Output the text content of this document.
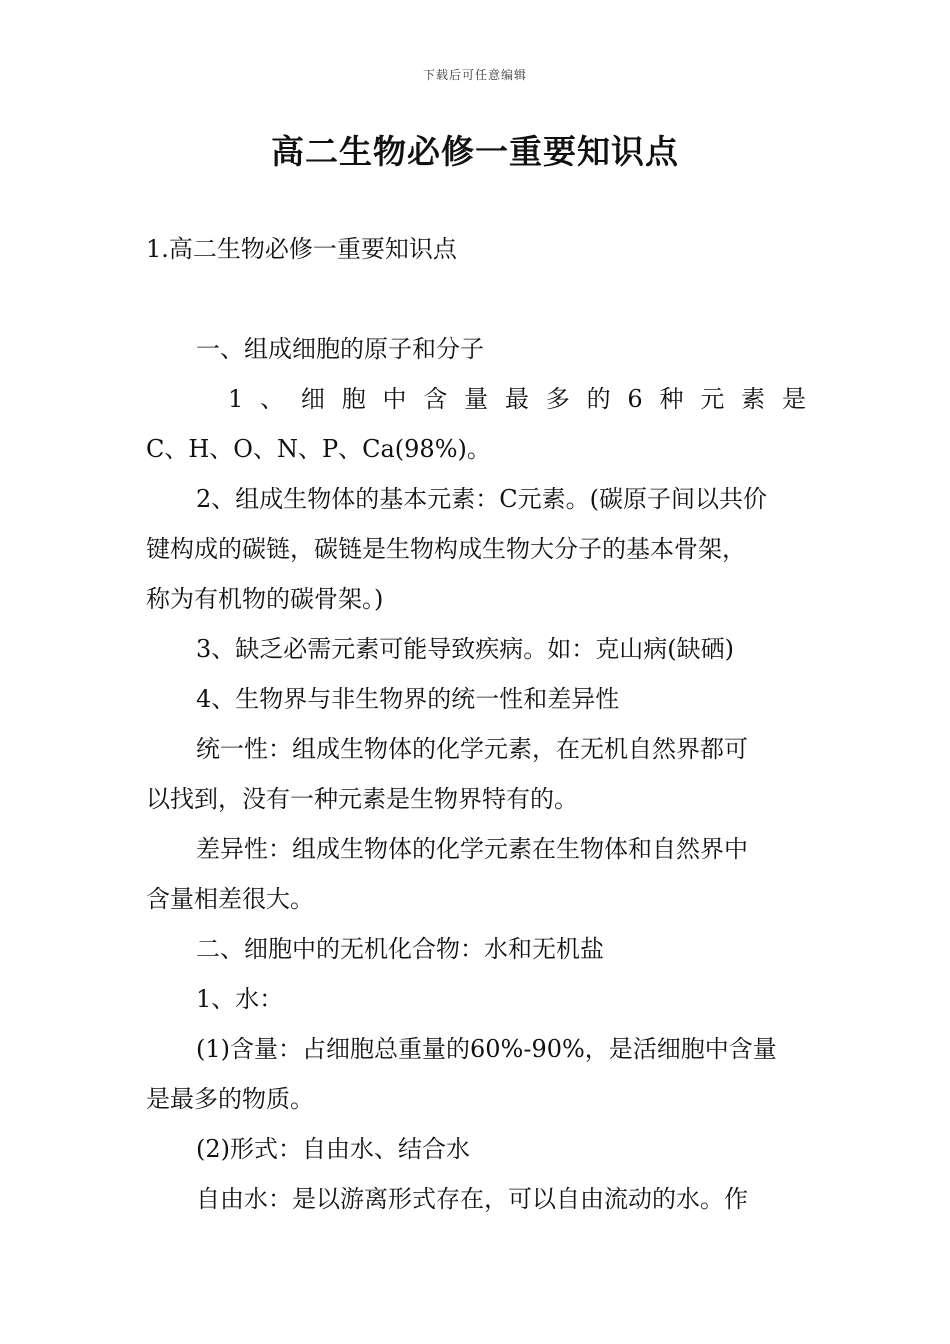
下载后可任意编辑
高二生物必修一重要知识点
1.高二生物必修一重要知识点
一、组成细胞的原子和分子
1 、 细 胞 中 含 量 最 多 的 6 种 元 素 是
C、H、O、N、P、Ca(98%)。
2、组成生物体的基本元素：C元素。(碳原子间以共价
键构成的碳链，碳链是生物构成生物大分子的基本骨架，
称为有机物的碳骨架。)
3、缺乏必需元素可能导致疾病。如：克山病(缺硒)
4、生物界与非生物界的统一性和差异性
统一性：组成生物体的化学元素，在无机自然界都可
以找到，没有一种元素是生物界特有的。
差异性：组成生物体的化学元素在生物体和自然界中
含量相差很大。
二、细胞中的无机化合物：水和无机盐
1、水：
(1)含量：占细胞总重量的60%-90%，是活细胞中含量
是最多的物质。
(2)形式：自由水、结合水
自由水：是以游离形式存在，可以自由流动的水。作
